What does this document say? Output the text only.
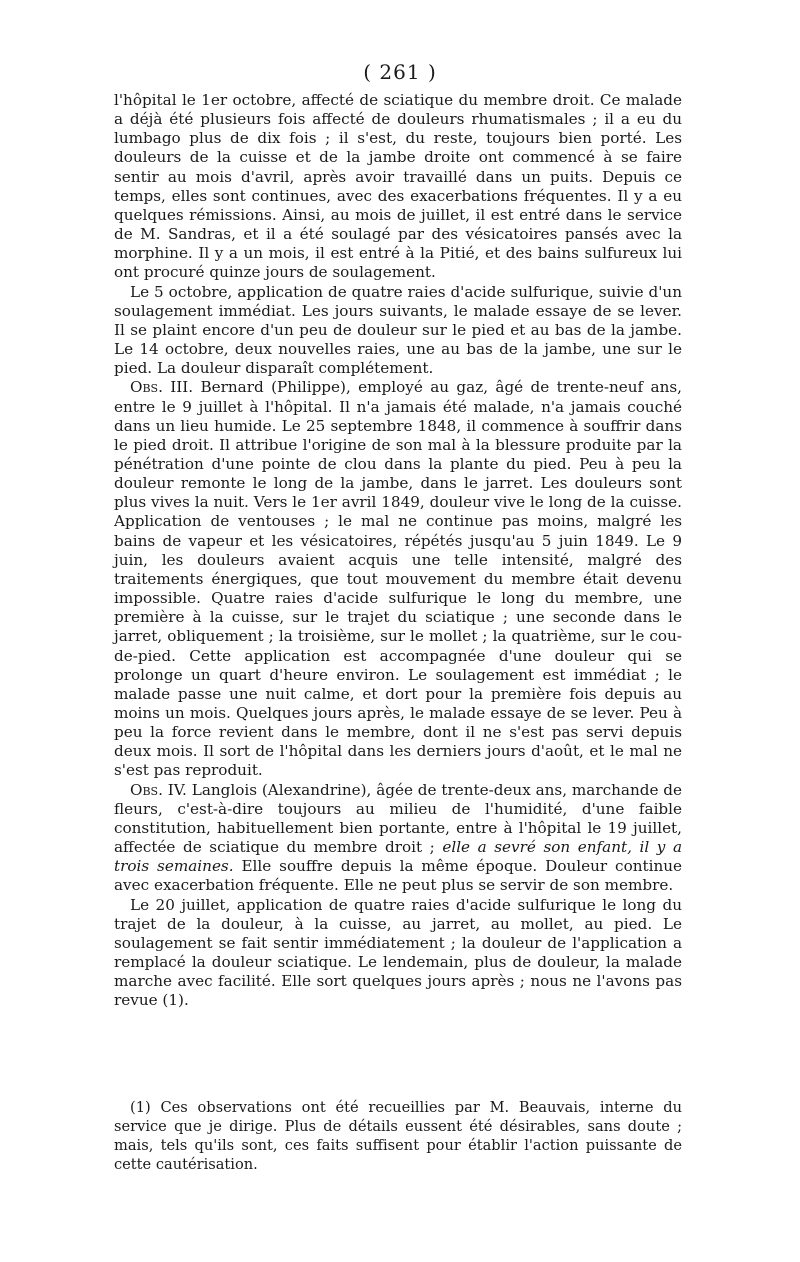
( 261 )

l'hôpital le 1er octobre, affecté de sciatique du membre droit. Ce malade a déjà été plusieurs fois affecté de douleurs rhumatismales ; il a eu du lumbago plus de dix fois ; il s'est, du reste, toujours bien porté. Les douleurs de la cuisse et de la jambe droite ont commencé à se faire sentir au mois d'avril, après avoir travaillé dans un puits. Depuis ce temps, elles sont continues, avec des exacerbations fréquentes. Il y a eu quelques rémissions. Ainsi, au mois de juillet, il est entré dans le service de M. Sandras, et il a été soulagé par des vésicatoires pansés avec la morphine. Il y a un mois, il est entré à la Pitié, et des bains sulfureux lui ont procuré quinze jours de soulagement.

Le 5 octobre, application de quatre raies d'acide sulfurique, suivie d'un soulagement immédiat. Les jours suivants, le malade essaye de se lever. Il se plaint encore d'un peu de douleur sur le pied et au bas de la jambe. Le 14 octobre, deux nouvelles raies, une au bas de la jambe, une sur le pied. La douleur disparaît complétement.

Obs. III. Bernard (Philippe), employé au gaz, âgé de trente-neuf ans, entre le 9 juillet à l'hôpital. Il n'a jamais été malade, n'a jamais couché dans un lieu humide. Le 25 septembre 1848, il commence à souffrir dans le pied droit. Il attribue l'origine de son mal à la blessure produite par la pénétration d'une pointe de clou dans la plante du pied. Peu à peu la douleur remonte le long de la jambe, dans le jarret. Les douleurs sont plus vives la nuit. Vers le 1er avril 1849, douleur vive le long de la cuisse. Application de ventouses ; le mal ne continue pas moins, malgré les bains de vapeur et les vésicatoires, répétés jusqu'au 5 juin 1849. Le 9 juin, les douleurs avaient acquis une telle intensité, malgré des traitements énergiques, que tout mouvement du membre était devenu impossible. Quatre raies d'acide sulfurique le long du membre, une première à la cuisse, sur le trajet du sciatique ; une seconde dans le jarret, obliquement ; la troisième, sur le mollet ; la quatrième, sur le cou-de-pied. Cette application est accompagnée d'une douleur qui se prolonge un quart d'heure environ. Le soulagement est immédiat ; le malade passe une nuit calme, et dort pour la première fois depuis au moins un mois. Quelques jours après, le malade essaye de se lever. Peu à peu la force revient dans le membre, dont il ne s'est pas servi depuis deux mois. Il sort de l'hôpital dans les derniers jours d'août, et le mal ne s'est pas reproduit.

Obs. IV. Langlois (Alexandrine), âgée de trente-deux ans, marchande de fleurs, c'est-à-dire toujours au milieu de l'humidité, d'une faible constitution, habituellement bien portante, entre à l'hôpital le 19 juillet, affectée de sciatique du membre droit ; elle a sevré son enfant, il y a trois semaines. Elle souffre depuis la même époque. Douleur continue avec exacerbation fréquente. Elle ne peut plus se servir de son membre.

Le 20 juillet, application de quatre raies d'acide sulfurique le long du trajet de la douleur, à la cuisse, au jarret, au mollet, au pied. Le soulagement se fait sentir immédiatement ; la douleur de l'application a remplacé la douleur sciatique. Le lendemain, plus de douleur, la malade marche avec facilité. Elle sort quelques jours après ; nous ne l'avons pas revue (1).

(1) Ces observations ont été recueillies par M. Beauvais, interne du service que je dirige. Plus de détails eussent été désirables, sans doute ; mais, tels qu'ils sont, ces faits suffisent pour établir l'action puissante de cette cautérisation.
